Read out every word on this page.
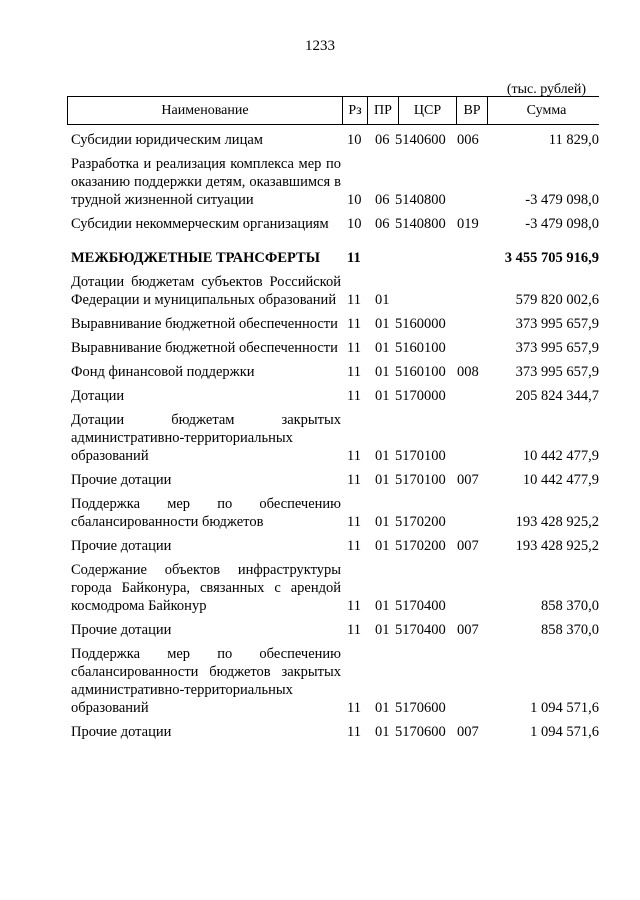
1233
(тыс. рублей)
Наименование	Рз ПР	ЦСР	ВР	Сумма
Субсидии юридическим лицам	10 06 5140600 006	11 829,0
Разработка и реализация комплекса мер по оказанию поддержки детям, оказавшимся в трудной жизненной ситуации	10 06 5140800	-3 479 098,0
Субсидии некоммерческим организациям	10 06 5140800 019	-3 479 098,0
МЕЖБЮДЖЕТНЫЕ ТРАНСФЕРТЫ	11	3 455 705 916,9
Дотации бюджетам субъектов Российской Федерации и муниципальных образований 11 01	579 820 002,6
Выравнивание бюджетной обеспеченности 11 01 5160000	373 995 657,9
Выравнивание бюджетной обеспеченности 11 01 5160100	373 995 657,9
Фонд финансовой поддержки	11 01 5160100 008	373 995 657,9
Дотации	11 01 5170000	205 824 344,7
Дотации бюджетам закрытых административно-территориальных образований	11 01 5170100	10 442 477,9
Прочие дотации	11 01 5170100 007	10 442 477,9
Поддержка мер по обеспечению сбалансированности бюджетов	11 01 5170200	193 428 925,2
Прочие дотации	11 01 5170200 007	193 428 925,2
Содержание объектов инфраструктуры города Байконура, связанных с арендой космодрома Байконур	11 01 5170400	858 370,0
Прочие дотации	11 01 5170400 007	858 370,0
Поддержка мер по обеспечению сбалансированности бюджетов закрытых административно-территориальных образований	11 01 5170600	1 094 571,6
Прочие дотации	11 01 5170600 007	1 094 571,6
